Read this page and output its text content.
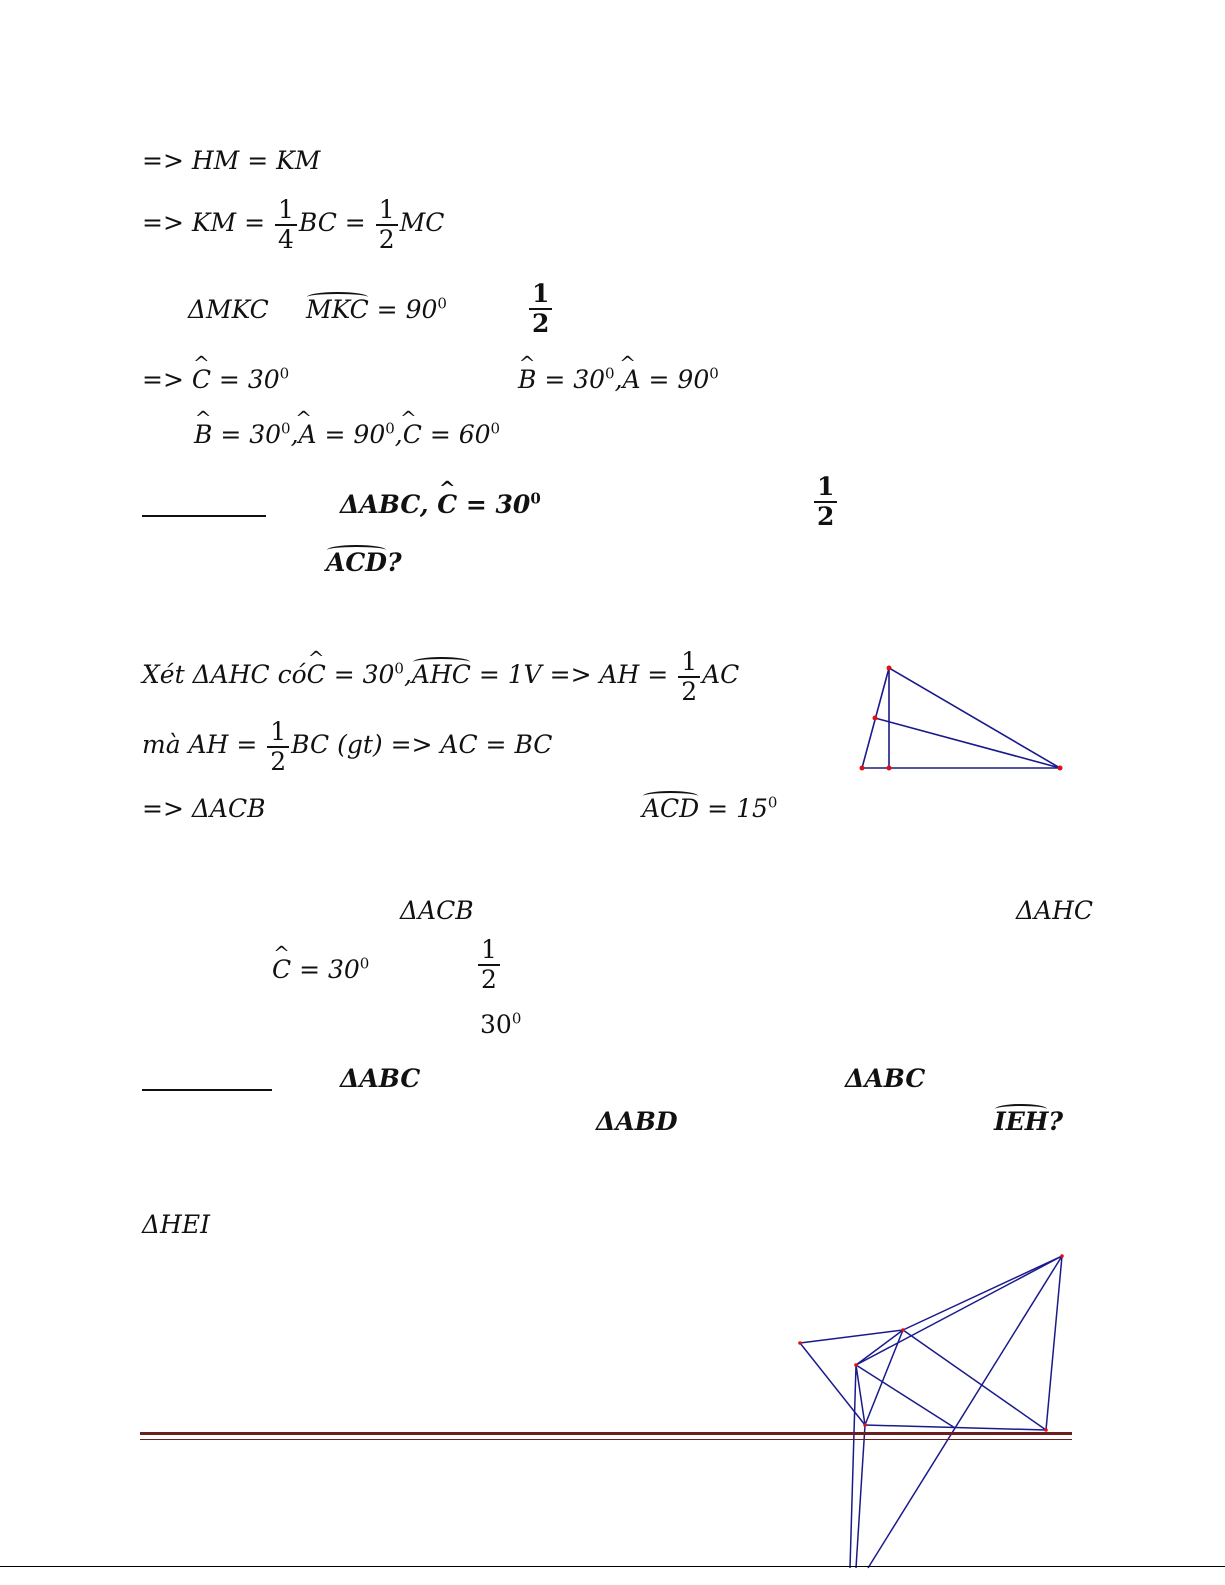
=> HM = KM
=> KM = $\frac{1}{4}$ BC = $\frac{1}{2}$ MC
ΔMKC MKC = $90^0$	$\frac{1}{2}$
=> ^ $C = 30^0$
^	$B = 30^0\^{}$ $,A = 90^0$
^ $B = 30^0\^{}$ $,A = 90^0\^{}$ $,C = 60^0$
ΔABC, ^ $C = 30^0$	$\frac{1}{2}$
ACD?
Xét ΔAHC có^ $C = 30^0,AHC = 1V$ => AH = $\frac{1}{2}$ AC
mà AH = $\frac{1}{2}$ BC (gt) => AC = BC
=> ΔACB	ACD = $15^0$
ΔACB	ΔAHC
^ $C = 30^0$	$\frac{1}{2}$
$30^0$
ΔABC	ΔABC
ΔABD	IEH?
ΔHEI
